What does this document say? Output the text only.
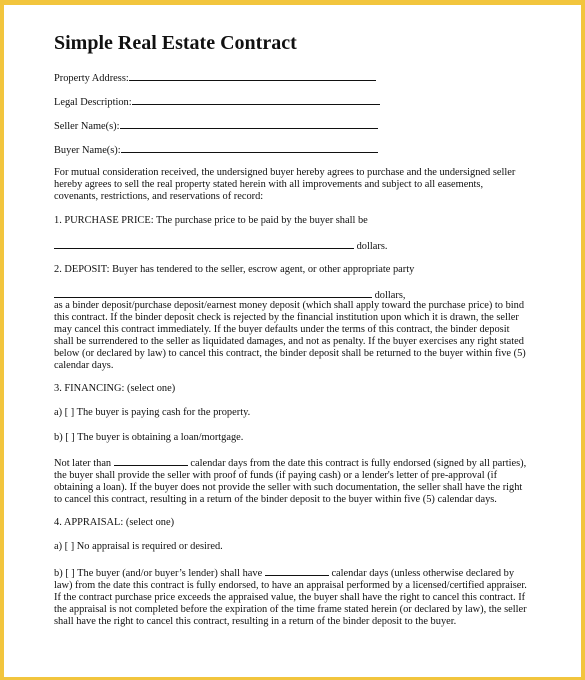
Simple Real Estate Contract
Property Address:
Legal Description:
Seller Name(s):
Buyer Name(s):
For mutual consideration received, the undersigned buyer hereby agrees to purchase and the undersigned seller
hereby agrees to sell the real property stated herein with all improvements and subject to all easements,
covenants, restrictions, and reservations of record:
1. PURCHASE PRICE: The purchase price to be paid by the buyer shall be
dollars.
2. DEPOSIT: Buyer has tendered to the seller, escrow agent, or other appropriate party
dollars,
as a binder deposit/purchase deposit/earnest money deposit (which shall apply toward the purchase price) to bind
this contract. If the binder deposit check is rejected by the financial institution upon which it is drawn, the seller
may cancel this contract immediately. If the buyer defaults under the terms of this contract, the binder deposit
shall be surrendered to the seller as liquidated damages, and not as penalty. If the buyer exercises any right stated
below (or declared by law) to cancel this contract, the binder deposit shall be returned to the buyer within five (5)
calendar days.
3. FINANCING: (select one)
a) [ ] The buyer is paying cash for the property.
b) [ ] The buyer is obtaining a loan/mortgage.
Not later than	calendar days from the date this contract is fully endorsed (signed by all parties),
the buyer shall provide the seller with proof of funds (if paying cash) or a lender's letter of pre-approval (if
obtaining a loan). If the buyer does not provide the seller with such documentation, the seller shall have the right
to cancel this contract, resulting in a return of the binder deposit to the buyer within five (5) calendar days.
4. APPRAISAL: (select one)
a) [ ] No appraisal is required or desired.
b) [ ] The buyer (and/or buyer’s lender) shall have	calendar days (unless otherwise declared by
law) from the date this contract is fully endorsed, to have an appraisal performed by a licensed/certified appraiser.
If the contract purchase price exceeds the appraised value, the buyer shall have the right to cancel this contract. If
the appraisal is not completed before the expiration of the time frame stated herein (or declared by law), the seller
shall have the right to cancel this contract, resulting in a return of the binder deposit to the buyer.
